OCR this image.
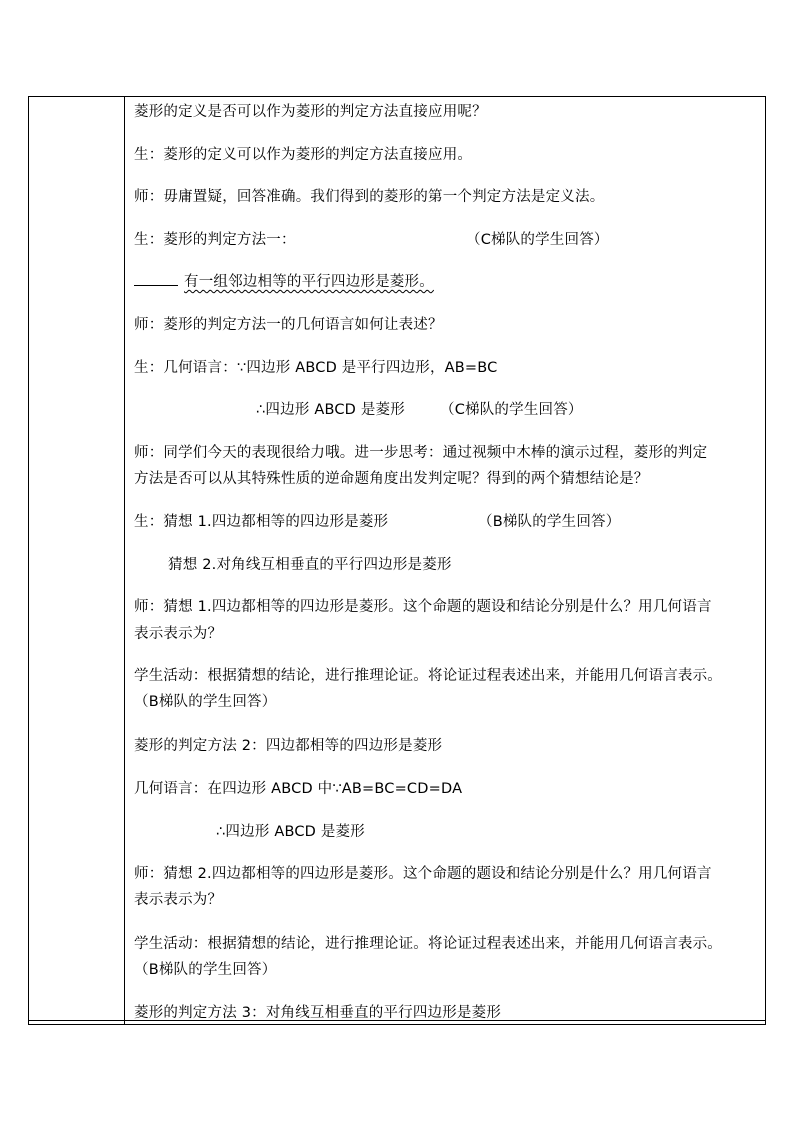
菱形的定义是否可以作为菱形的判定方法直接应用呢？
生：菱形的定义可以作为菱形的判定方法直接应用。
师：毋庸置疑，回答准确。我们得到的菱形的第一个判定方法是定义法。
生：菱形的判定方法一：	（C梯队的学生回答）
有一组邻边相等的平行四边形是菱形。
师：菱形的判定方法一的几何语言如何让表述？
生：几何语言：∵四边形 ABCD 是平行四边形，AB=BC
∴四边形 ABCD 是菱形 （C梯队的学生回答）
师：同学们今天的表现很给力哦。进一步思考：通过视频中木棒的演示过程，菱形的判定
方法是否可以从其特殊性质的逆命题角度出发判定呢？得到的两个猜想结论是？
生：猜想 1.四边都相等的四边形是菱形	（B梯队的学生回答）
猜想 2.对角线互相垂直的平行四边形是菱形
师：猜想 1.四边都相等的四边形是菱形。这个命题的题设和结论分别是什么？用几何语言
表示表示为？
学生活动：根据猜想的结论，进行推理论证。将论证过程表述出来，并能用几何语言表示。
（B梯队的学生回答）
菱形的判定方法 2：四边都相等的四边形是菱形
几何语言：在四边形 ABCD 中∵AB=BC=CD=DA
∴四边形 ABCD 是菱形
师：猜想 2.四边都相等的四边形是菱形。这个命题的题设和结论分别是什么？用几何语言
表示表示为？
学生活动：根据猜想的结论，进行推理论证。将论证过程表述出来，并能用几何语言表示。
（B梯队的学生回答）
菱形的判定方法 3：对角线互相垂直的平行四边形是菱形
